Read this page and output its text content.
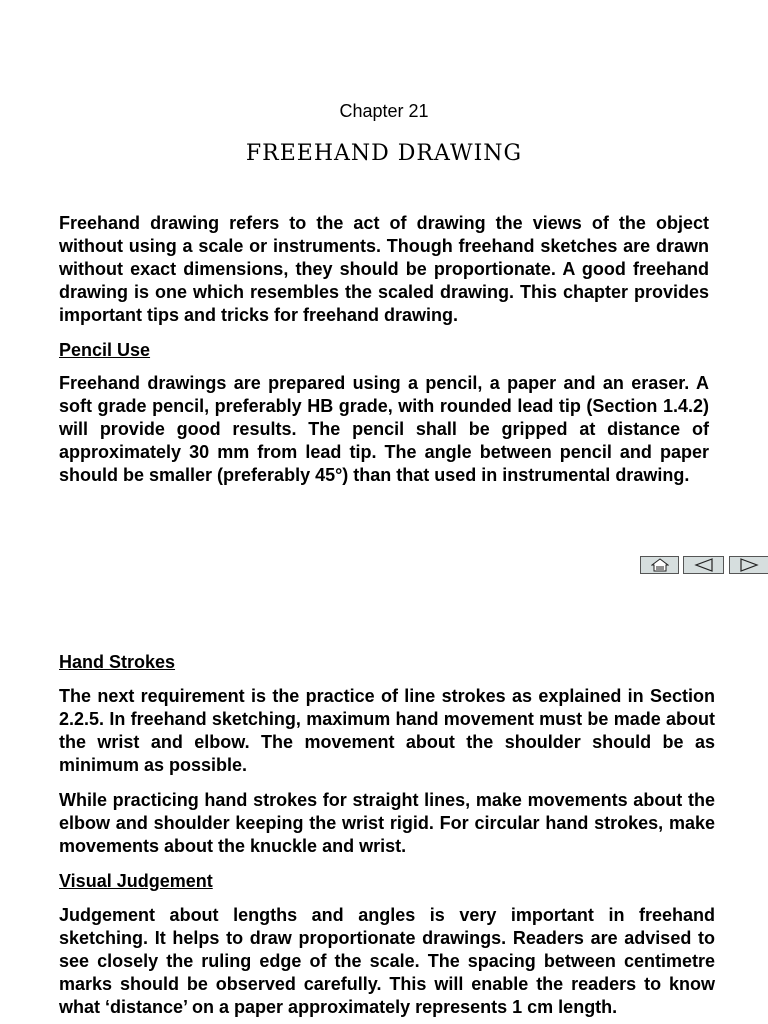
Chapter 21
FREEHAND DRAWING
Freehand drawing refers to the act of drawing the views of the object without using a scale or instruments. Though freehand sketches are drawn without exact dimensions, they should be proportionate. A good freehand drawing is one which resembles the scaled drawing. This chapter provides important tips and tricks for freehand drawing.
Pencil Use
Freehand drawings are prepared using a pencil, a paper and an eraser. A soft grade pencil, preferably HB grade, with rounded lead tip (Section 1.4.2) will provide good results. The pencil shall be gripped at distance of approximately 30 mm from lead tip. The angle between pencil and paper should be smaller (preferably 45°) than that used in instrumental drawing.
Hand Strokes
The next requirement is the practice of line strokes as explained in Section 2.2.5. In freehand sketching, maximum hand movement must be made about the wrist and elbow. The movement about the shoulder should be as minimum as possible.
While practicing hand strokes for straight lines, make movements about the elbow and shoulder keeping the wrist rigid. For circular hand strokes, make movements about the knuckle and wrist.
Visual Judgement
Judgement about lengths and angles is very important in freehand sketching. It helps to draw proportionate drawings. Readers are advised to see closely the ruling edge of the scale. The spacing between centimetre marks should be observed carefully. This will enable the readers to know what ‘distance’ on a paper approximately represents 1 cm length.
